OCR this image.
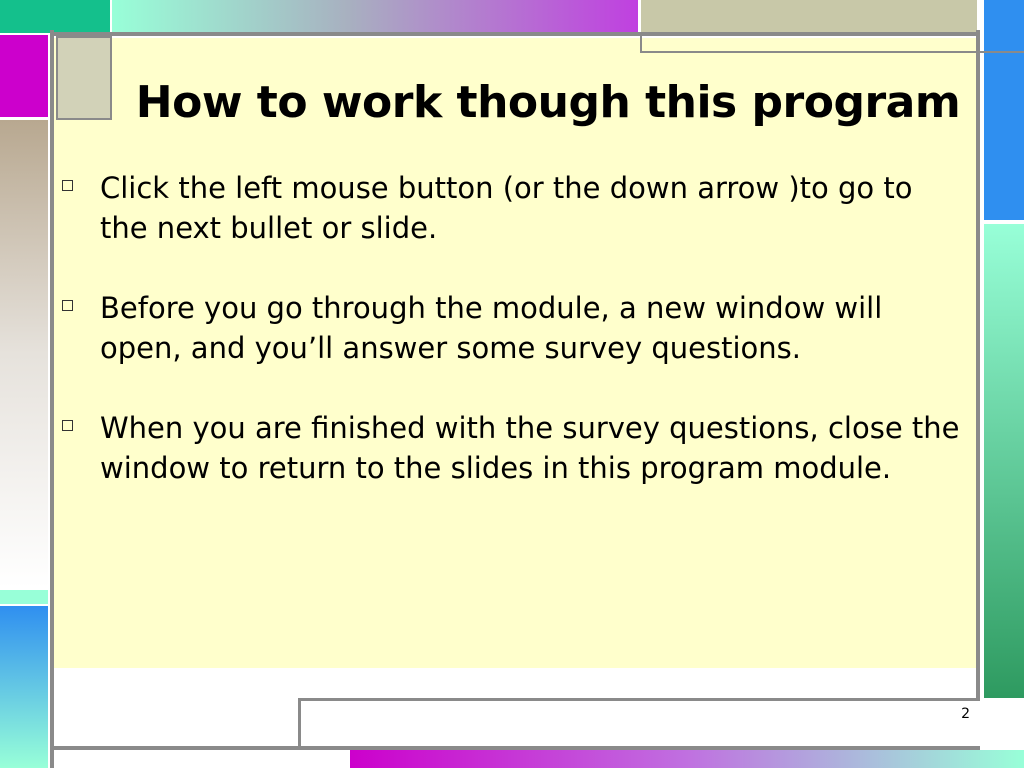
How to work though this program
Click the left mouse button (or the down arrow )to go to the next bullet or slide.
Before you go through the module, a new window will open, and you’ll answer some survey questions.
When you are finished with the survey questions, close the window to return to the slides in this program module.
2
